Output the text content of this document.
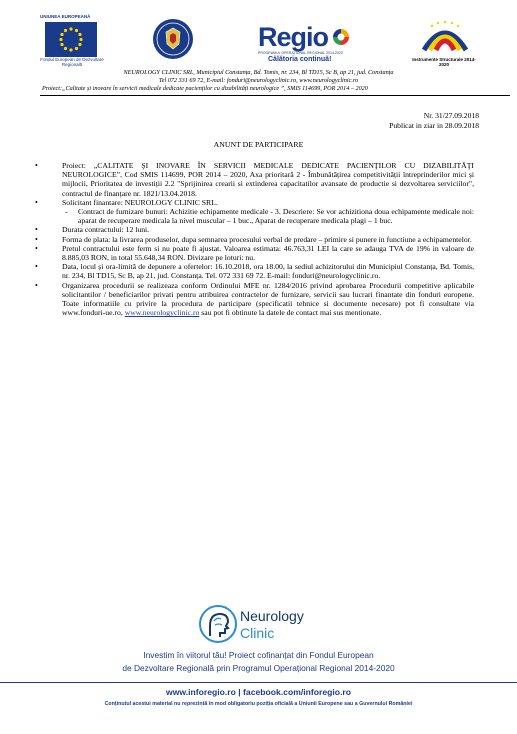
UNIUNEA EUROPEANĂ
Fondul European de Dezvoltare Regională
Regio
PROGRAMUL OPERAȚIONAL REGIONAL 2014-2020
Călătoria continuă!	Instrumente Structurale 2014-2020
NEUROLOGY CLINIC SRL, Municipiul Constanța, Bd. Tomis, nr. 234, Bl TD15, Sc B, ap 21, jud. Constanța
Tel 072 331 69 72, E-mail: fonduri@neurologyclinic.ro, www.neurologyclinic.ro
Proiect:„Calitate și inovare în servicii medicale dedicate pacienților cu dizabilități neurologice ”, SMIS 114699, POR 2014 – 2020
Nr. 31/27.09.2018
Publicat in ziar in 28.09.2018
ANUNT DE PARTICIPARE
• Proiect: „CALITATE ŞI INOVARE ÎN SERVICII MEDICALE DEDICATE PACIENŢILOR CU DIZABILITĂŢI NEUROLOGICE”, Cod SMIS 114699, POR 2014 – 2020, Axa prioritară 2 - Îmbunătățirea competitivității întreprinderilor mici și mijlocii, Prioritatea de investiții 2.2 "Sprijinirea crearii si extinderea capacitatilor avansate de productie si dezvoltarea serviciilor", contractul de finanțare nr. 1821/13.04.2018.
• Solicitant finantare: NEUROLOGY CLINIC SRL.
- Contract de furnizare bunuri: Achizitie echipamente medicale - 3. Descriere: Se vor achizitiona doua echipamente medicale noi: aparat de recuperare medicala la nivel muscular – 1 buc., Aparat de recuperare medicala plagi – 1 buc.
• Durata contractului: 12 luni.
• Forma de plata: la livrarea produselor, dupa semnarea procesului verbal de predare – primire si punere in functiune a echipamentelor.
• Pretul contractului este ferm si nu poate fi ajustat. Valoarea estimata: 46.763,31 LEI la care se adauga TVA de 19% in valoare de 8.885,03 RON, in total 55.648,34 RON. Divizare pe loturi: nu.
• Data, locul și ora-limită de depunere a ofertelor: 16.10.2018, ora 18.00, la sediul achizitorului din Municipiul Constanța, Bd. Tomis, nr. 234, Bl TD15, Sc B, ap 21, jud. Constanța. Tel. 072 331 69 72. E-mail: fonduri@neurologyclinic.ro.
• Organizarea procedurii se realizeaza conform Ordinului MFE nr. 1284/2016 privind aprobarea Procedurii competitive aplicabile solicitantilor / beneficiarilor privati pentru atribuirea contractelor de furnizare, servicii sau lucrari finantate din fonduri europene. Toate informatiile cu privire la procedura de participare (specificatii tehnice si documente necesare) pot fi consultate via www.fonduri-ue.ro, www.neurologyclinic.ro sau pot fi obtinute la datele de contact mai sus mentionate.
Neurology
Clinic
Investim în viitorul tău! Proiect cofinanțat din Fondul European
de Dezvoltare Regională prin Programul Operațional Regional 2014-2020
www.inforegio.ro | facebook.com/inforegio.ro
Conținutul acestui material nu reprezintă în mod obligatoriu poziția oficială a Uniunii Europene sau a Guvernului României
